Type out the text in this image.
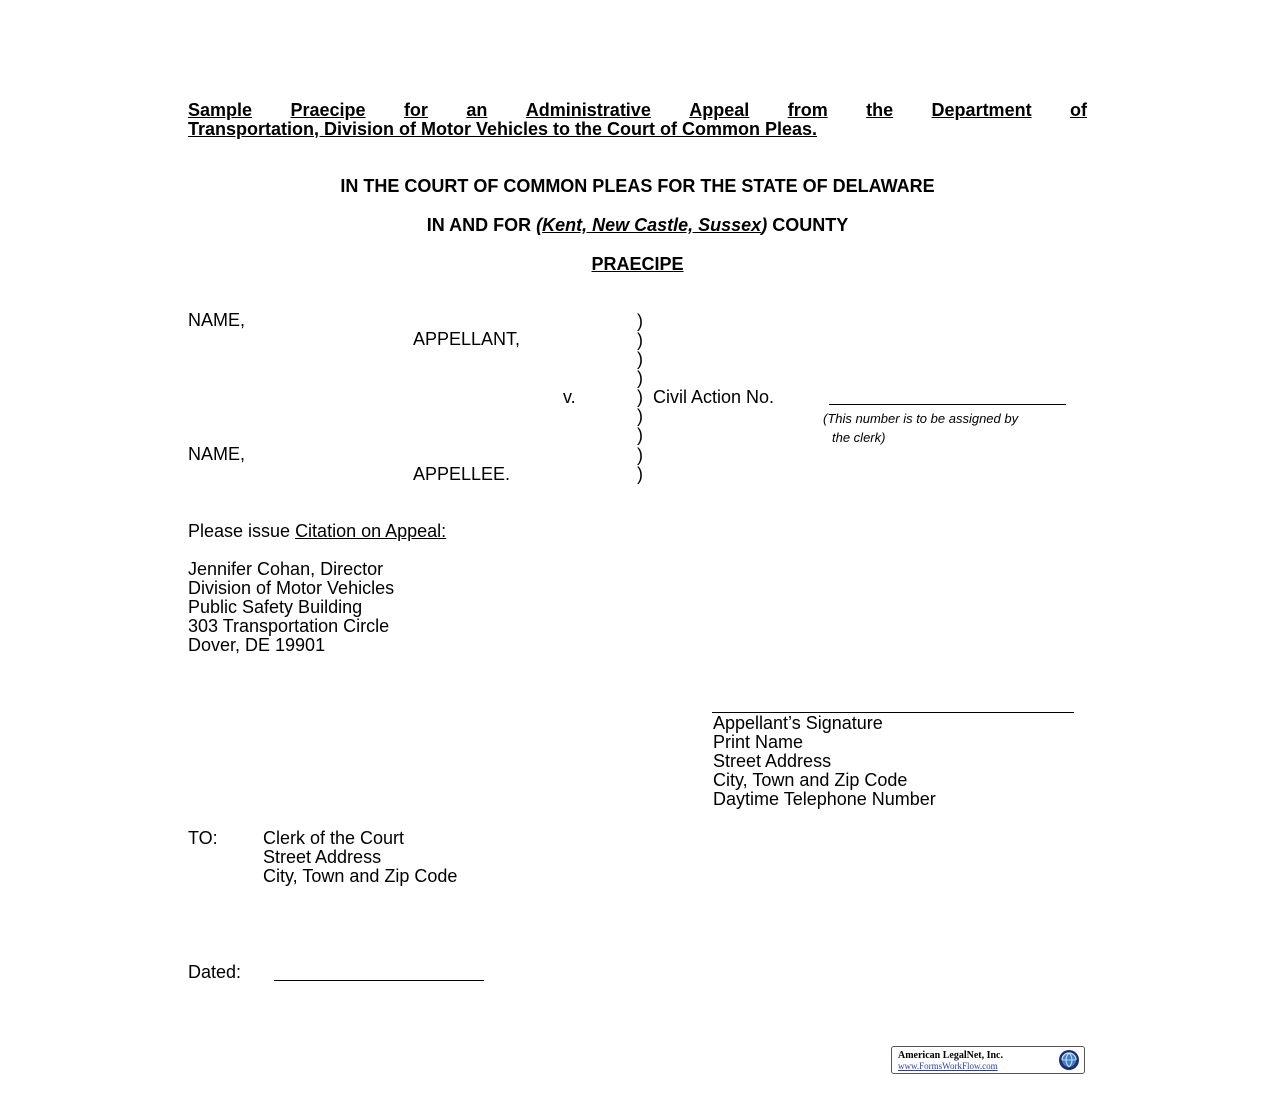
Sample Praecipe for an Administrative Appeal from the Department of
Transportation, Division of Motor Vehicles to the Court of Common Pleas.
IN THE COURT OF COMMON PLEAS FOR THE STATE OF DELAWARE
IN AND FOR (Kent, New Castle, Sussex) COUNTY
PRAECIPE
NAME,
APPELLANT,
v.
NAME,
APPELLEE.
)
)
)
)
)
)
)
)
)
Civil Action No.
(This number is to be assigned by
the clerk)
Please issue Citation on Appeal:
Jennifer Cohan, Director
Division of Motor Vehicles
Public Safety Building
303 Transportation Circle
Dover, DE 19901
Appellant’s Signature
Print Name
Street Address
City, Town and Zip Code
Daytime Telephone Number
TO:	Clerk of the Court
Street Address
City, Town and Zip Code
Dated:
American LegalNet, Inc.
www.FormsWorkFlow.com
